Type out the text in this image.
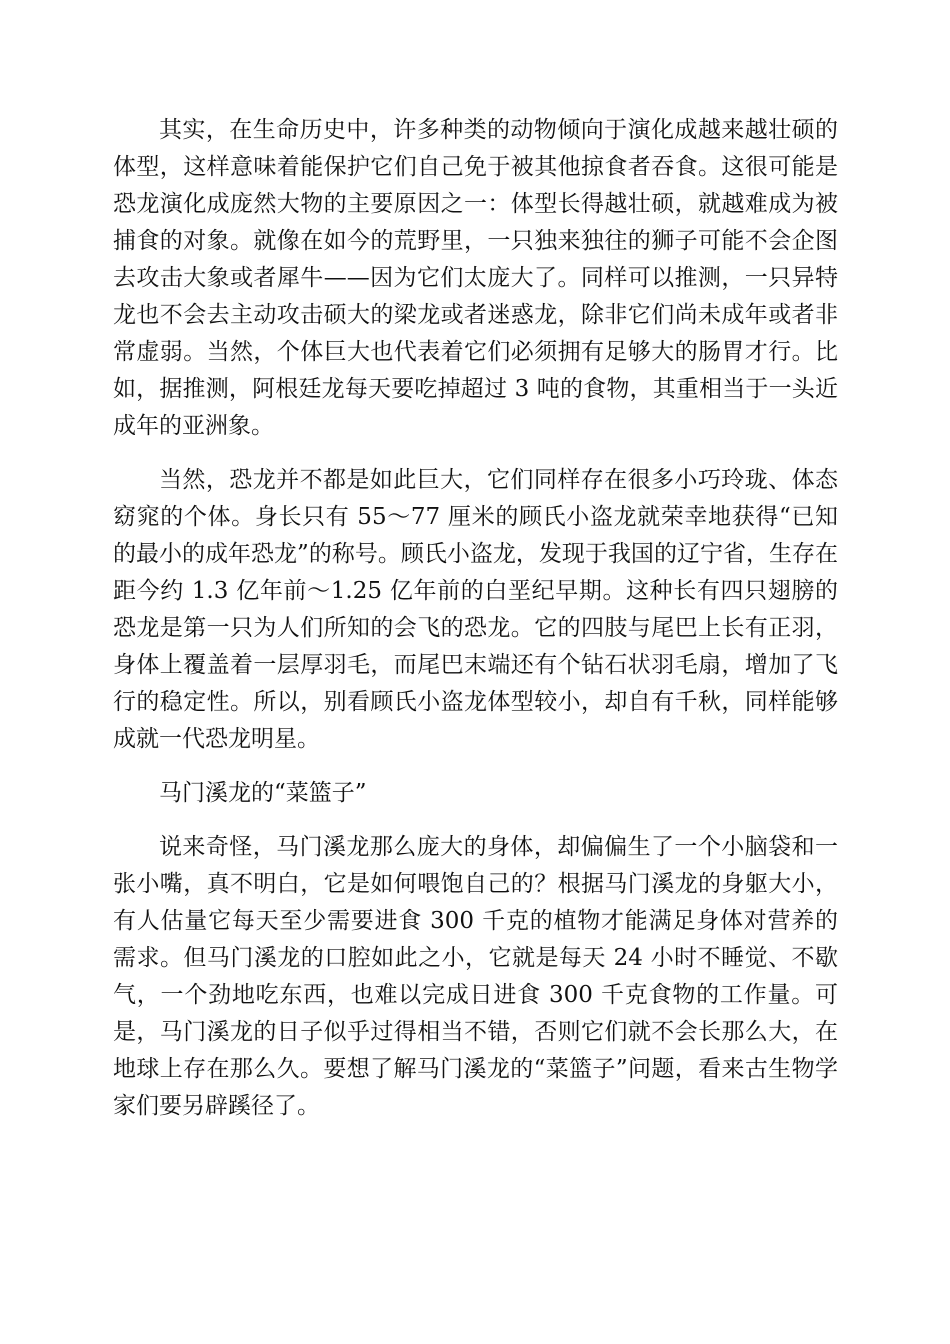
其实，在生命历史中，许多种类的动物倾向于演化成越来越壮硕的体型，这样意味着能保护它们自己免于被其他掠食者吞食。这很可能是恐龙演化成庞然大物的主要原因之一：体型长得越壮硕，就越难成为被捕食的对象。就像在如今的荒野里，一只独来独往的狮子可能不会企图去攻击大象或者犀牛——因为它们太庞大了。同样可以推测，一只异特龙也不会去主动攻击硕大的梁龙或者迷惑龙，除非它们尚未成年或者非常虚弱。当然，个体巨大也代表着它们必须拥有足够大的肠胃才行。比如，据推测，阿根廷龙每天要吃掉超过 3 吨的食物，其重相当于一头近成年的亚洲象。

当然，恐龙并不都是如此巨大，它们同样存在很多小巧玲珑、体态窈窕的个体。身长只有 55～77 厘米的顾氏小盗龙就荣幸地获得“已知的最小的成年恐龙”的称号。顾氏小盗龙，发现于我国的辽宁省，生存在距今约 1.3 亿年前～1.25 亿年前的白垩纪早期。这种长有四只翅膀的恐龙是第一只为人们所知的会飞的恐龙。它的四肢与尾巴上长有正羽，身体上覆盖着一层厚羽毛，而尾巴末端还有个钻石状羽毛扇，增加了飞行的稳定性。所以，别看顾氏小盗龙体型较小，却自有千秋，同样能够成就一代恐龙明星。

马门溪龙的“菜篮子”

说来奇怪，马门溪龙那么庞大的身体，却偏偏生了一个小脑袋和一张小嘴，真不明白，它是如何喂饱自己的？根据马门溪龙的身躯大小，有人估量它每天至少需要进食 300 千克的植物才能满足身体对营养的需求。但马门溪龙的口腔如此之小，它就是每天 24 小时不睡觉、不歇气，一个劲地吃东西，也难以完成日进食 300 千克食物的工作量。可是，马门溪龙的日子似乎过得相当不错，否则它们就不会长那么大，在地球上存在那么久。要想了解马门溪龙的“菜篮子”问题，看来古生物学家们要另辟蹊径了。
